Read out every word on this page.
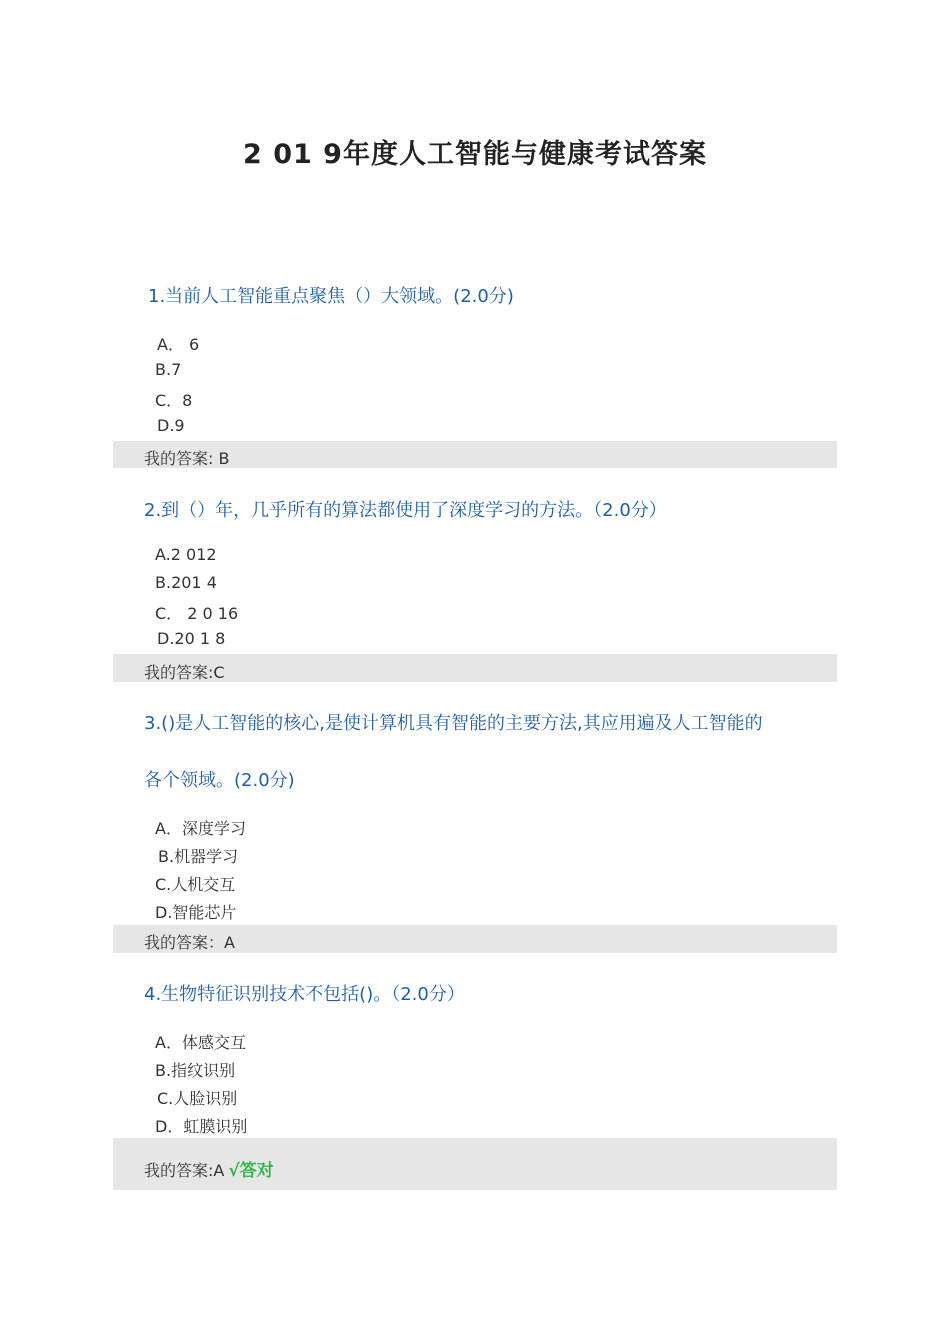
2 01 9年度人工智能与健康考试答案
1.当前人工智能重点聚焦（）大领域。(2.0分)
A． 6
B.7
C．8
D.9
我的答案: B
2.到（）年，几乎所有的算法都使用了深度学习的方法。（2.0分）
A.2 012
B.201 4
C． 2 0 16
D.20 1 8
我的答案:C
3.()是人工智能的核心,是使计算机具有智能的主要方法,其应用遍及人工智能的
各个领域。(2.0分)
A．深度学习
B.机器学习
C.人机交互
D.智能芯片
我的答案：A
4.生物特征识别技术不包括()。（2.0分）
A．体感交互
B.指纹识别
C.人脸识别
D．虹膜识别
我的答案:A √答对
